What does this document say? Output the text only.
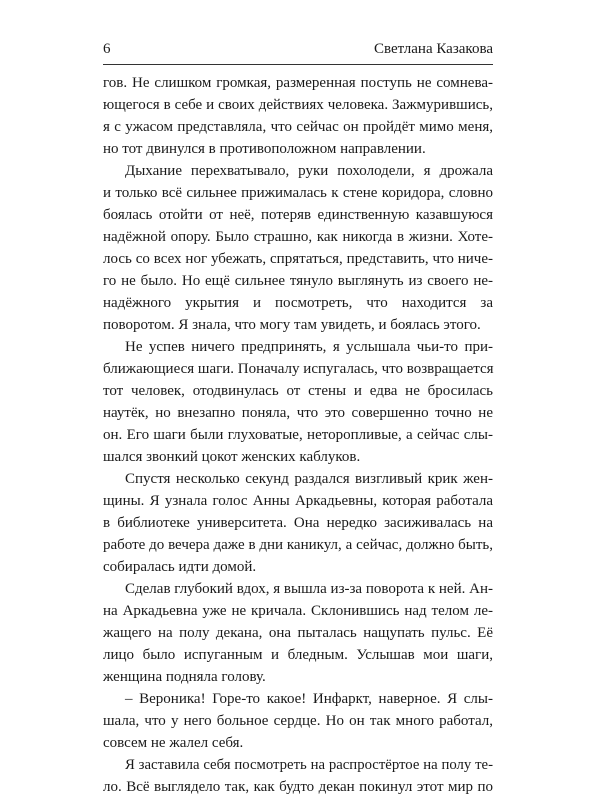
6	Светлана Казакова
гов. Не слишком громкая, размеренная поступь не сомнева-
ющегося в себе и своих действиях человека. Зажмурившись,
я с ужасом представляла, что сейчас он пройдёт мимо меня,
но тот двинулся в противоположном направлении.
Дыхание перехватывало, руки похолодели, я дрожала
и только всё сильнее прижималась к стене коридора, словно
боялась отойти от неё, потеряв единственную казавшуюся
надёжной опору. Было страшно, как никогда в жизни. Хоте-
лось со всех ног убежать, спрятаться, представить, что ниче-
го не было. Но ещё сильнее тянуло выглянуть из своего не-
надёжного укрытия и посмотреть, что находится за
поворотом. Я знала, что могу там увидеть, и боялась этого.
Не успев ничего предпринять, я услышала чьи-то при-
ближающиеся шаги. Поначалу испугалась, что возвращается
тот человек, отодвинулась от стены и едва не бросилась
наутёк, но внезапно поняла, что это совершенно точно не
он. Его шаги были глуховатые, неторопливые, а сейчас слы-
шался звонкий цокот женских каблуков.
Спустя несколько секунд раздался визгливый крик жен-
щины. Я узнала голос Анны Аркадьевны, которая работала
в библиотеке университета. Она нередко засиживалась на
работе до вечера даже в дни каникул, а сейчас, должно быть,
собиралась идти домой.
Сделав глубокий вдох, я вышла из-за поворота к ней. Ан-
на Аркадьевна уже не кричала. Склонившись над телом ле-
жащего на полу декана, она пыталась нащупать пульс. Её
лицо было испуганным и бледным. Услышав мои шаги,
женщина подняла голову.
– Вероника! Горе-то какое! Инфаркт, наверное. Я слы-
шала, что у него больное сердце. Но он так много работал,
совсем не жалел себя.
Я заставила себя посмотреть на распростёртое на полу те-
ло. Всё выглядело так, как будто декан покинул этот мир по
